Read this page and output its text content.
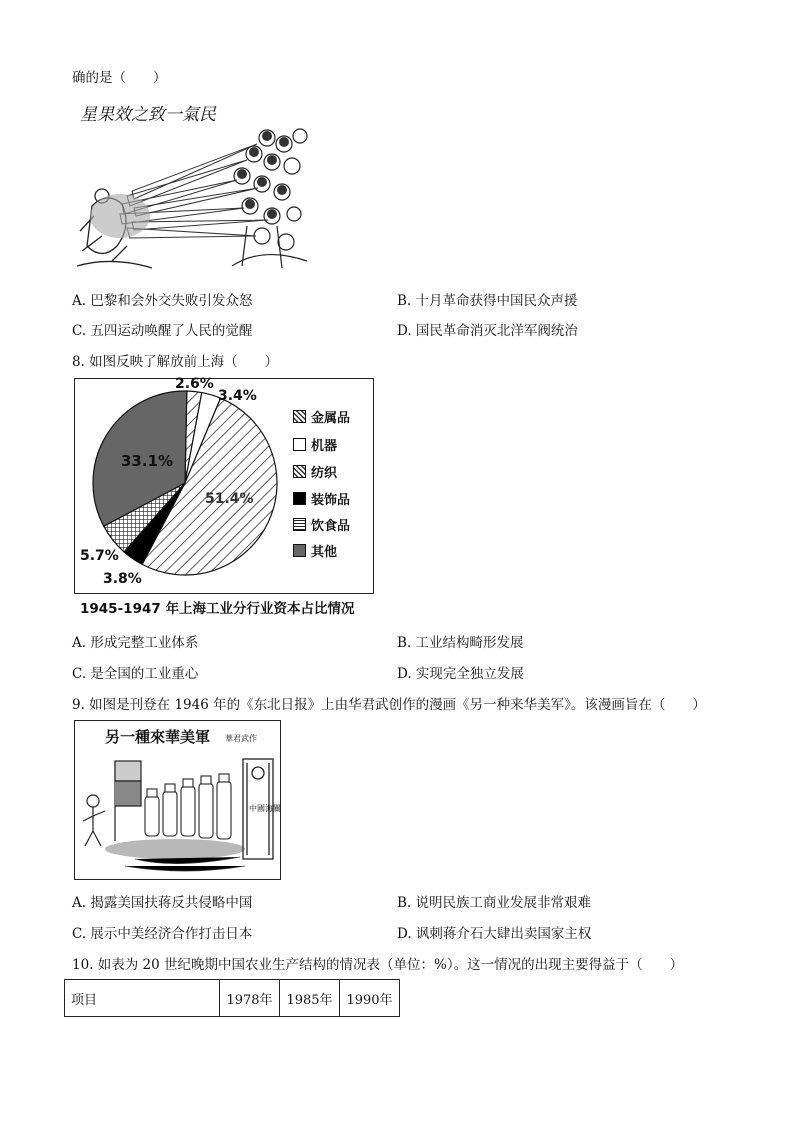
确的是（　　）
星果效之致一氣民
A. 巴黎和会外交失败引发众怒	B. 十月革命获得中国民众声援
C. 五四运动唤醒了人民的觉醒	D. 国民革命消灭北洋军阀统治
8. 如图反映了解放前上海（　　）
2.6%
3.4%
51.4%
3.8%
5.7%
33.1%
金属品
机器
纺织
装饰品
饮食品
其他
1945-1947 年上海工业分行业资本占比情况
A. 形成完整工业体系	B. 工业结构畸形发展
C. 是全国的工业重心	D. 实现完全独立发展
9. 如图是刊登在 1946 年的《东北日报》上由华君武创作的漫画《另一种来华美军》。该漫画旨在（　　）
另一種來華美軍 華君武作
中國海關
A. 揭露美国扶蒋反共侵略中国	B. 说明民族工商业发展非常艰难
C. 展示中美经济合作打击日本	D. 讽刺蒋介石大肆出卖国家主权
10. 如表为 20 世纪晚期中国农业生产结构的情况表（单位：%）。这一情况的出现主要得益于（　　）
项目	1978年	1985年	1990年
